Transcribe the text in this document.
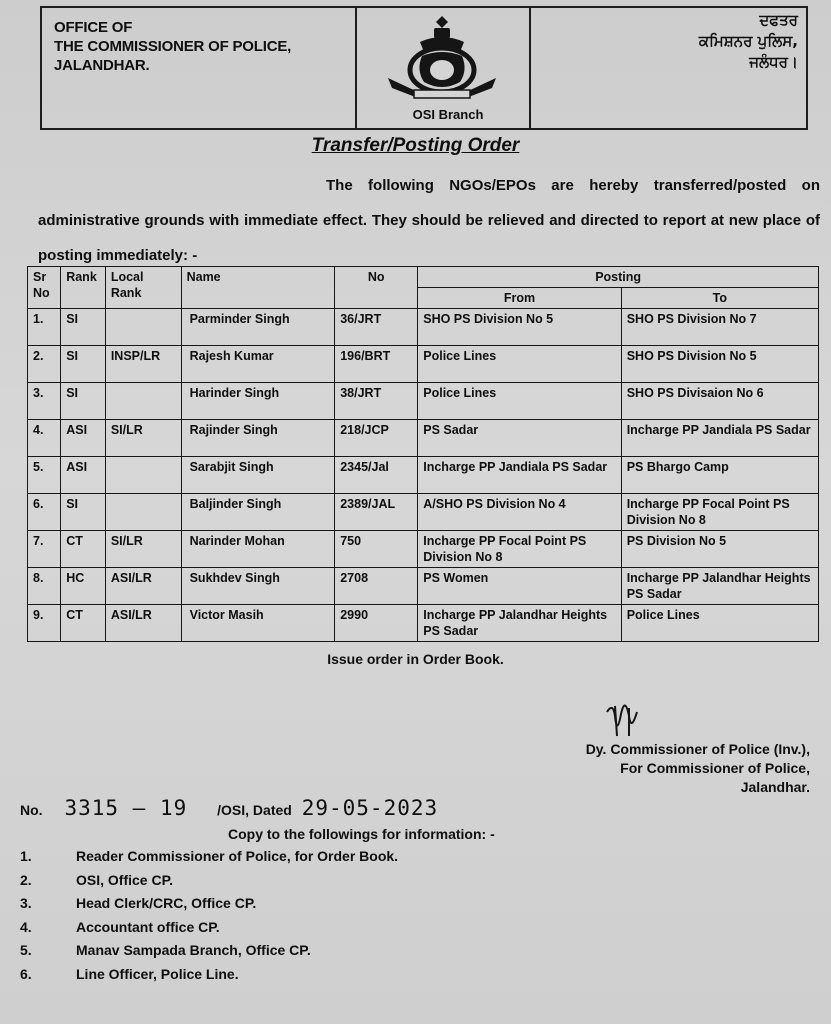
OFFICE OF
THE COMMISSIONER OF POLICE,
JALANDHAR.
OSI Branch
ਦਫਤਰ
ਕਮਿਸ਼ਨਰ ਪੁਲਿਸ,
ਜਲੰਧਰ।
Transfer/Posting Order
The following NGOs/EPOs are hereby transferred/posted on administrative grounds with immediate effect. They should be relieved and directed to report at new place of posting immediately: -
Sr No	Rank	Local Rank	Name	No	Posting	
					From	To
1.	SI		Parminder Singh	36/JRT	SHO PS Division No 5	SHO PS Division No 7
2.	SI	INSP/LR	Rajesh Kumar	196/BRT	Police Lines	SHO PS Division No 5
3.	SI		Harinder Singh	38/JRT	Police Lines	SHO PS Divisaion No 6
4.	ASI	SI/LR	Rajinder Singh	218/JCP	PS Sadar	Incharge PP Jandiala PS Sadar
5.	ASI		Sarabjit Singh	2345/Jal	Incharge PP Jandiala PS Sadar	PS Bhargo Camp
6.	SI		Baljinder Singh	2389/JAL	A/SHO PS Division No 4	Incharge PP Focal Point PS Division No 8
7.	CT	SI/LR	Narinder Mohan	750	Incharge PP Focal Point PS Division No 8	PS Division No 5
8.	HC	ASI/LR	Sukhdev Singh	2708	PS Women	Incharge PP Jalandhar Heights PS Sadar
9.	CT	ASI/LR	Victor Masih	2990	Incharge PP Jalandhar Heights PS Sadar	Police Lines
Issue order in Order Book.
Dy. Commissioner of Police (Inv.),
For Commissioner of Police,
Jalandhar.
No. 3315 – 19 /OSI, Dated 29-05-2023
Copy to the followings for information: -
1.	Reader Commissioner of Police, for Order Book.
2.	OSI, Office CP.
3.	Head Clerk/CRC, Office CP.
4.	Accountant office CP.
5.	Manav Sampada Branch, Office CP.
6.	Line Officer, Police Line.
